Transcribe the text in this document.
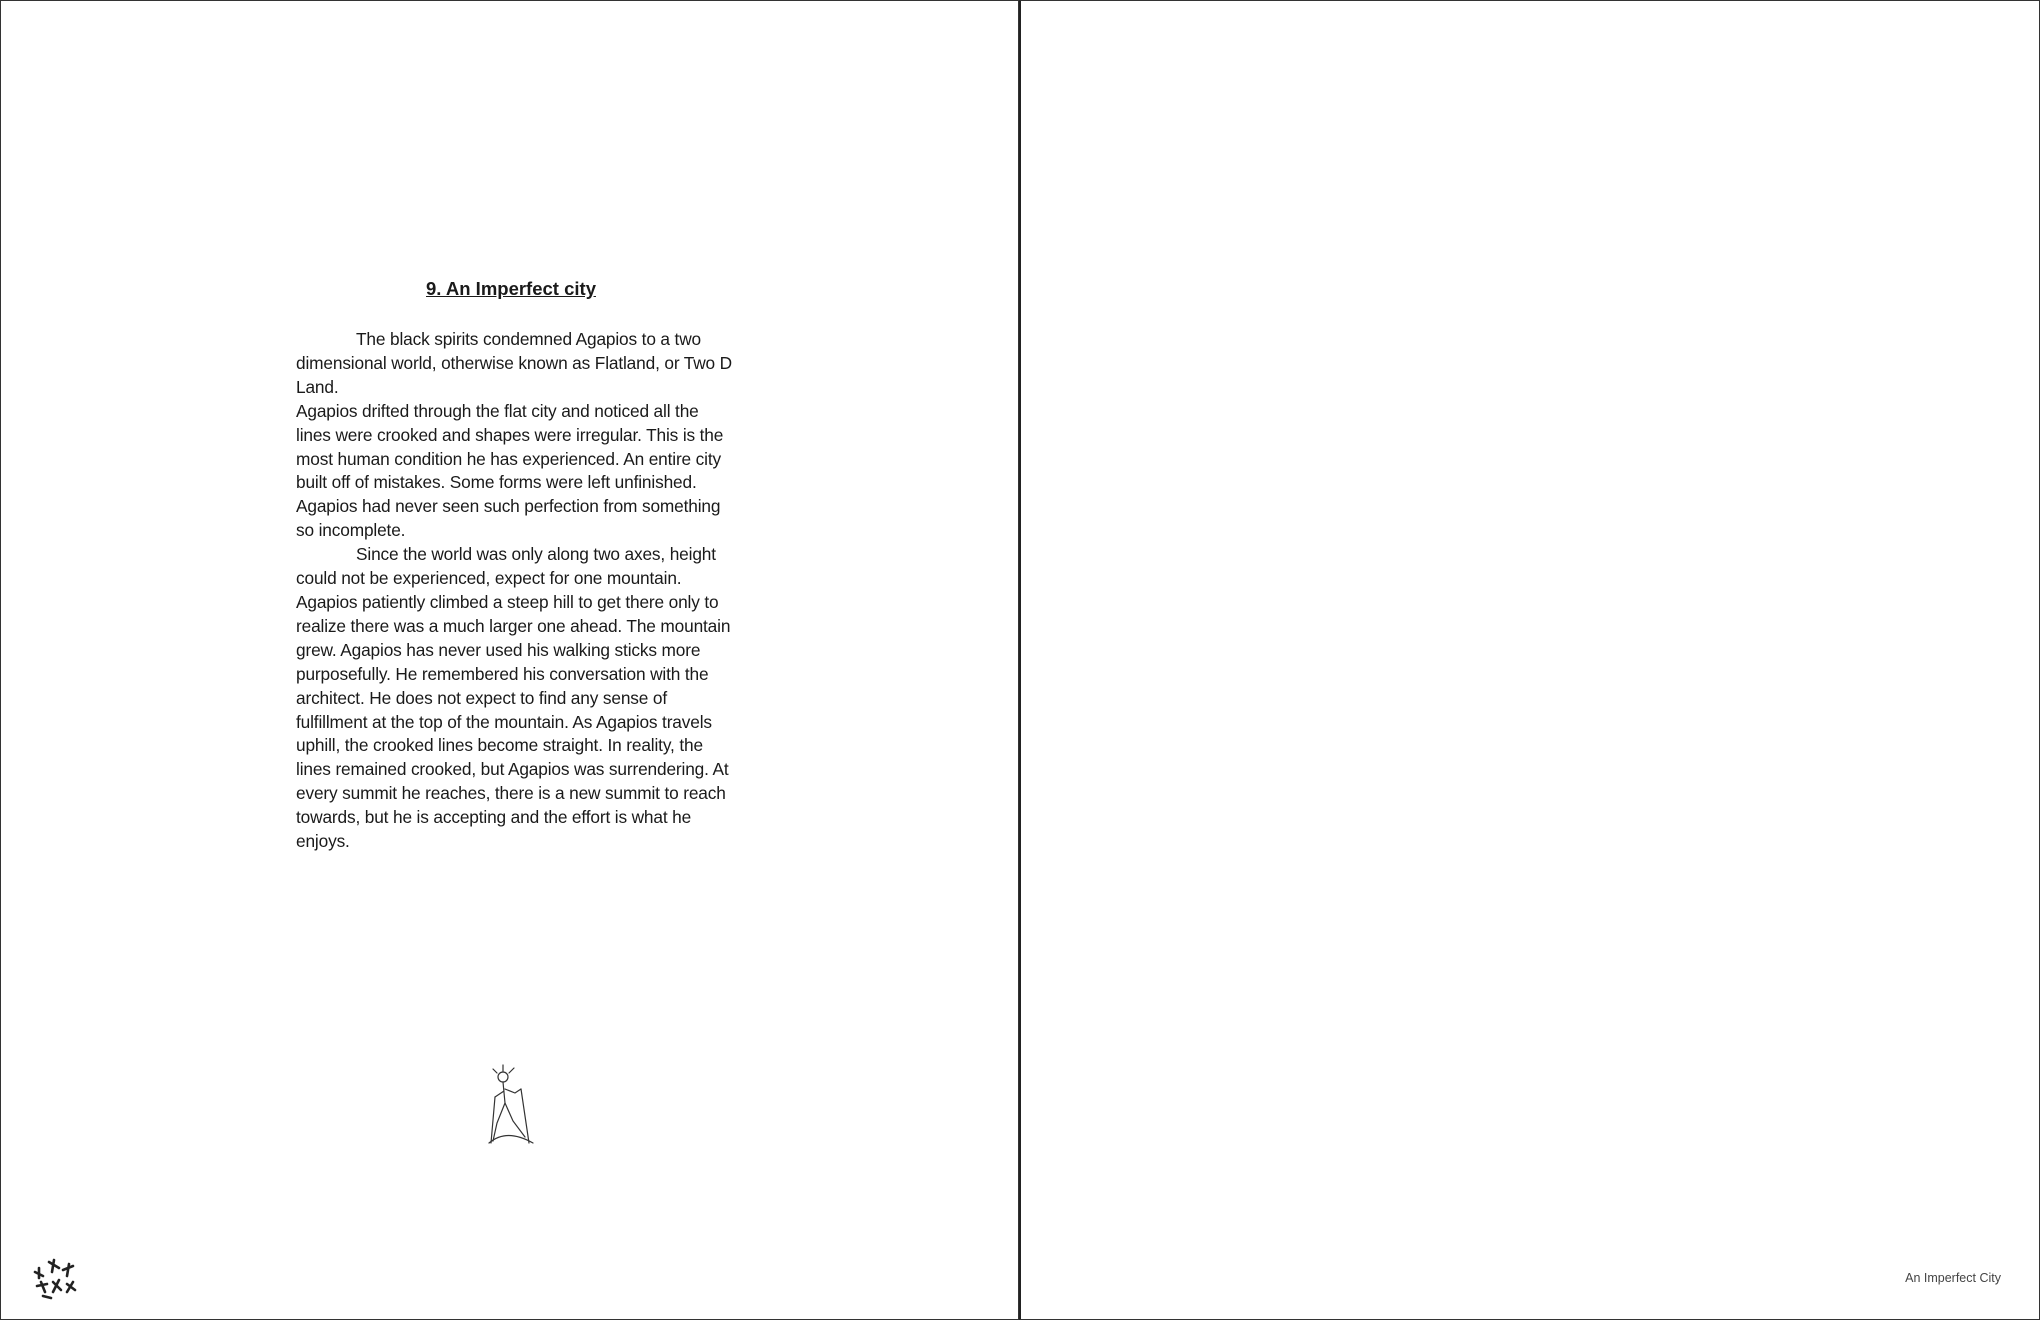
9. An Imperfect city

The black spirits condemned Agapios to a two dimensional world, otherwise known as Flatland, or Two D Land.

Agapios drifted through the flat city and noticed all the lines were crooked and shapes were irregular. This is the most human condition he has experienced. An entire city built off of mistakes. Some forms were left unfinished. Agapios had never seen such perfection from something so incomplete.

Since the world was only along two axes, height could not be experienced, expect for one mountain. Agapios patiently climbed a steep hill to get there only to realize there was a much larger one ahead. The mountain grew. Agapios has never used his walking sticks more purposefully. He remembered his conversation with the architect. He does not expect to find any sense of fulfillment at the top of the mountain. As Agapios travels uphill, the crooked lines become straight. In reality, the lines remained crooked, but Agapios was surrendering. At every summit he reaches, there is a new summit to reach towards, but he is accepting and the effort is what he enjoys.

An Imperfect City
